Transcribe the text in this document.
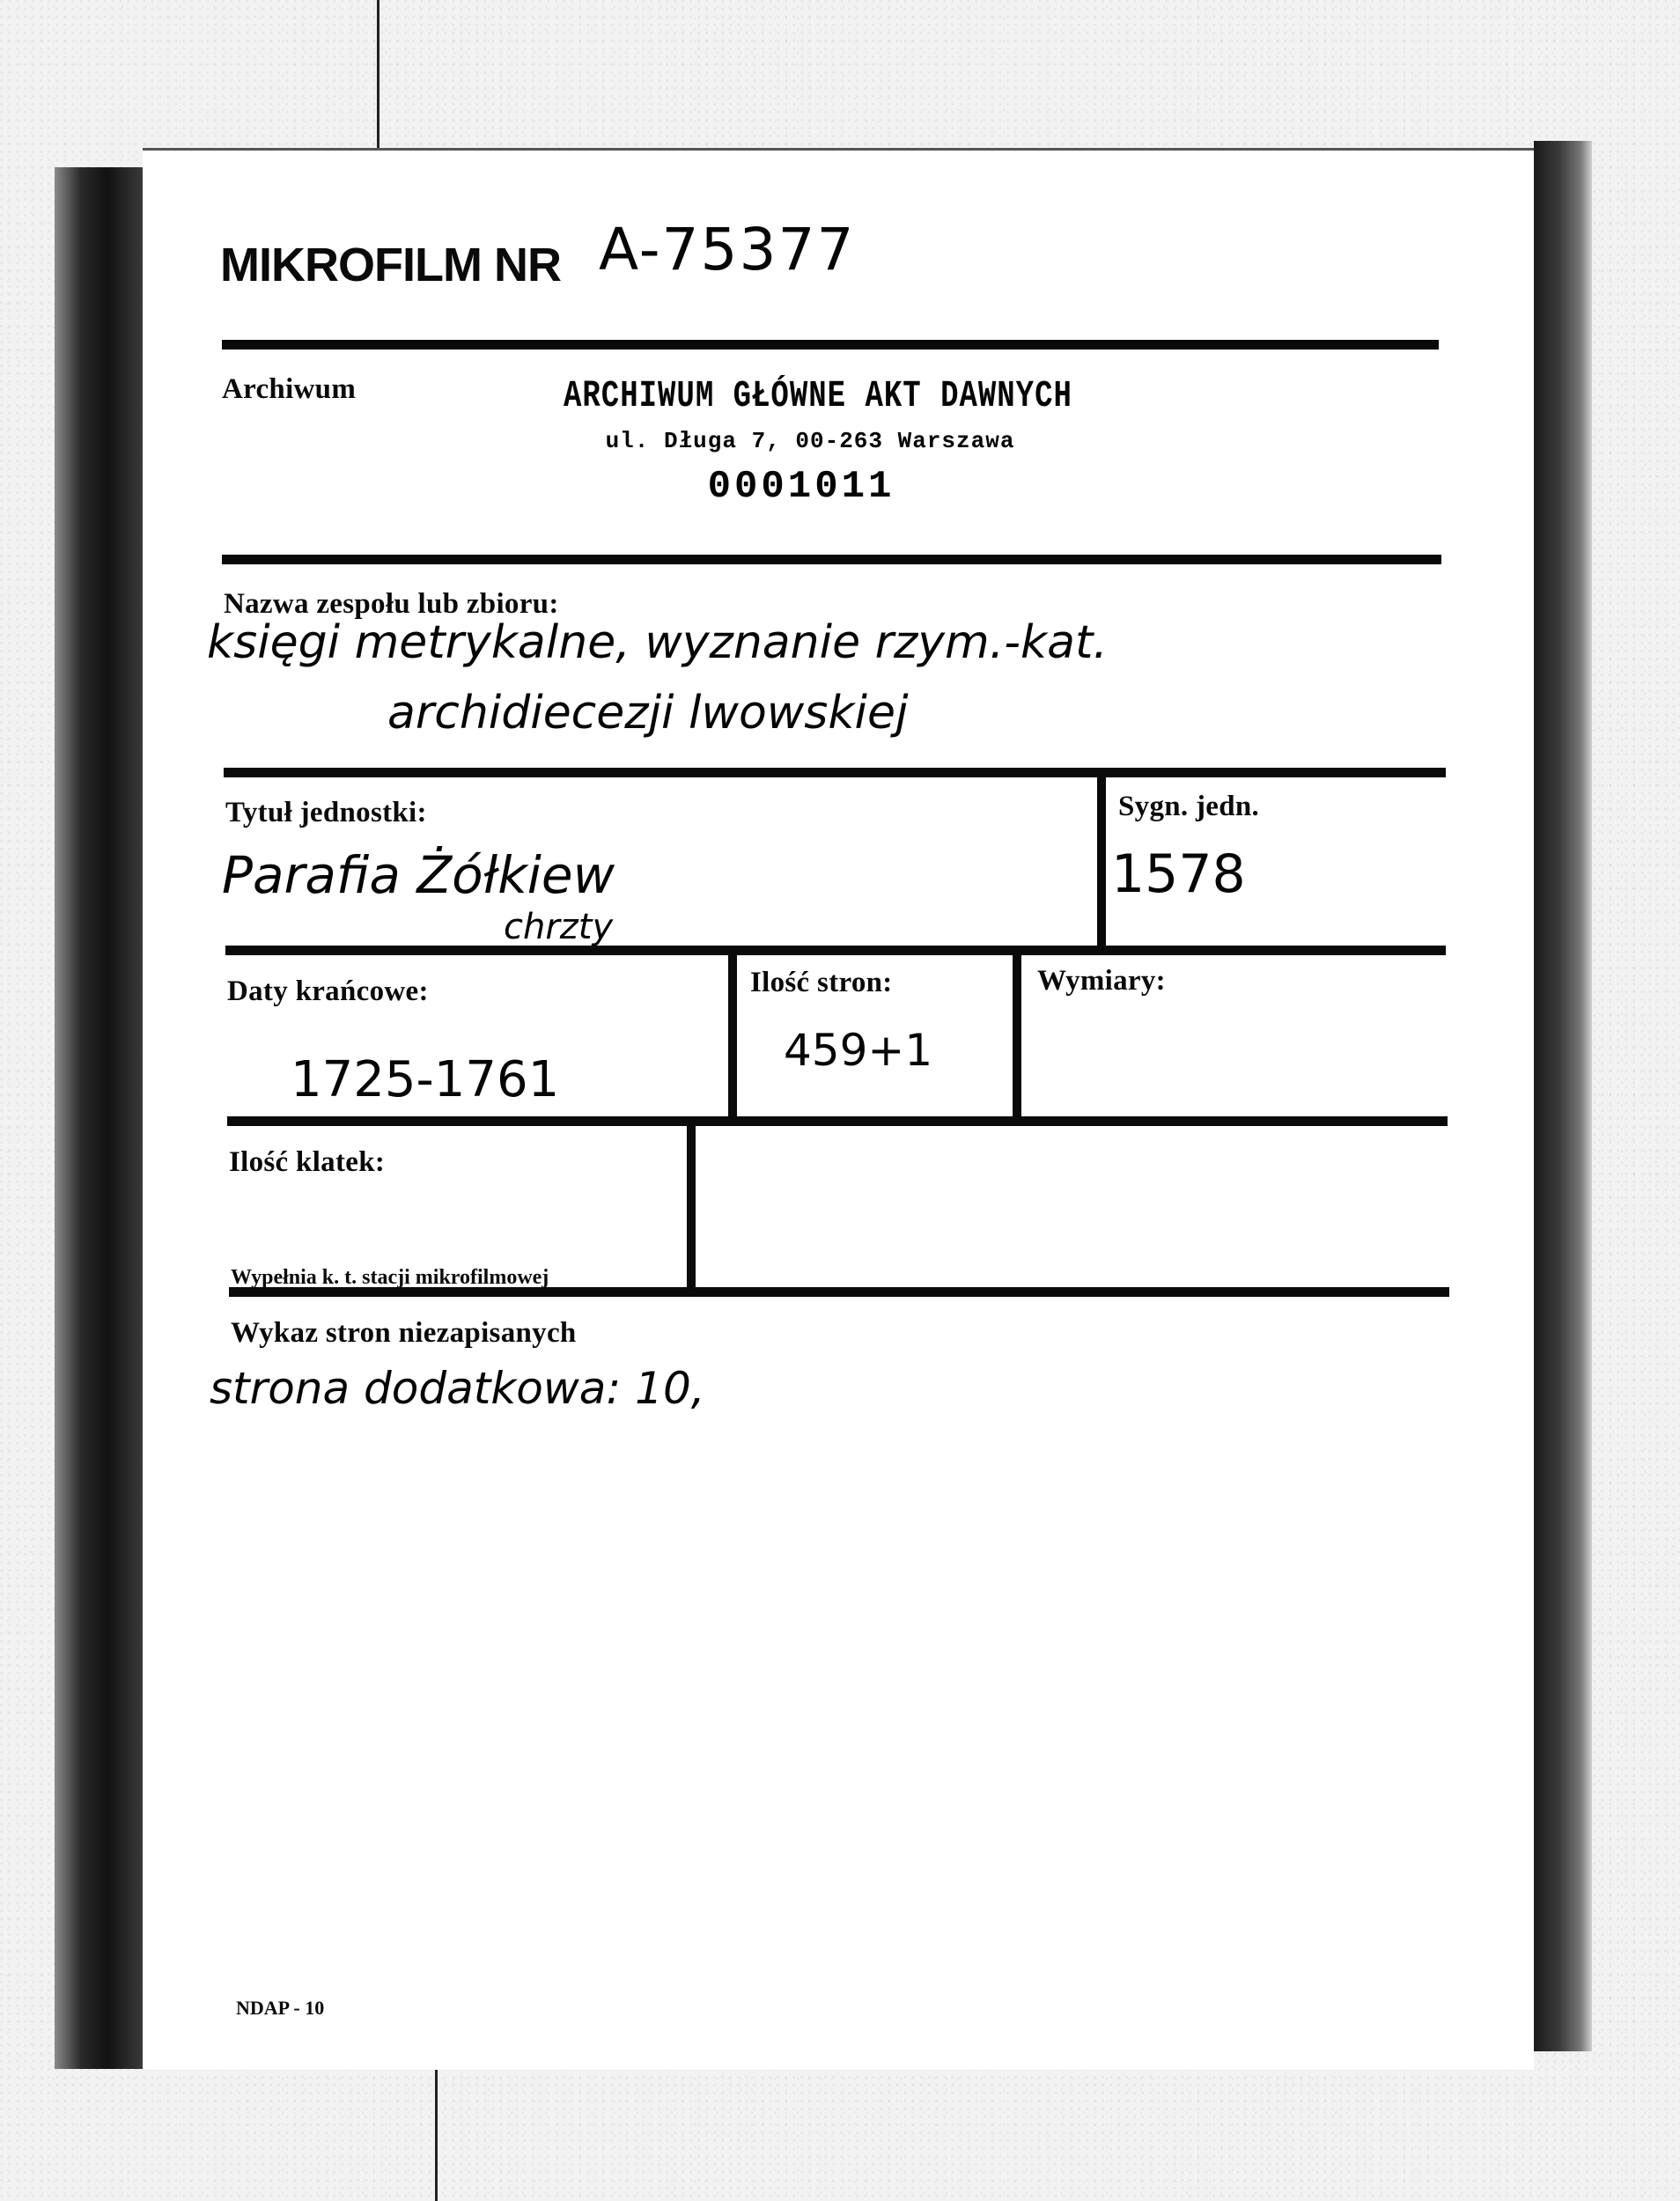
MIKROFILM NR A-75377
Archiwum	ARCHIWUM GŁÓWNE AKT DAWNYCH
ul. Długa 7, 00-263 Warszawa
0001011
Nazwa zespołu lub zbioru:
księgi metrykalne, wyznanie rzym.-kat.
archidiecezji lwowskiej
Tytuł jednostki:
Parafia Żółkiew
chrzty
Sygn. jedn.
1578
Daty krańcowe:
1725-1761
Ilość stron:
459+1
Wymiary:
Ilość klatek:
Wypełnia k. t. stacji mikrofilmowej
Wykaz stron niezapisanych
strona dodatkowa: 10,
NDAP - 10
